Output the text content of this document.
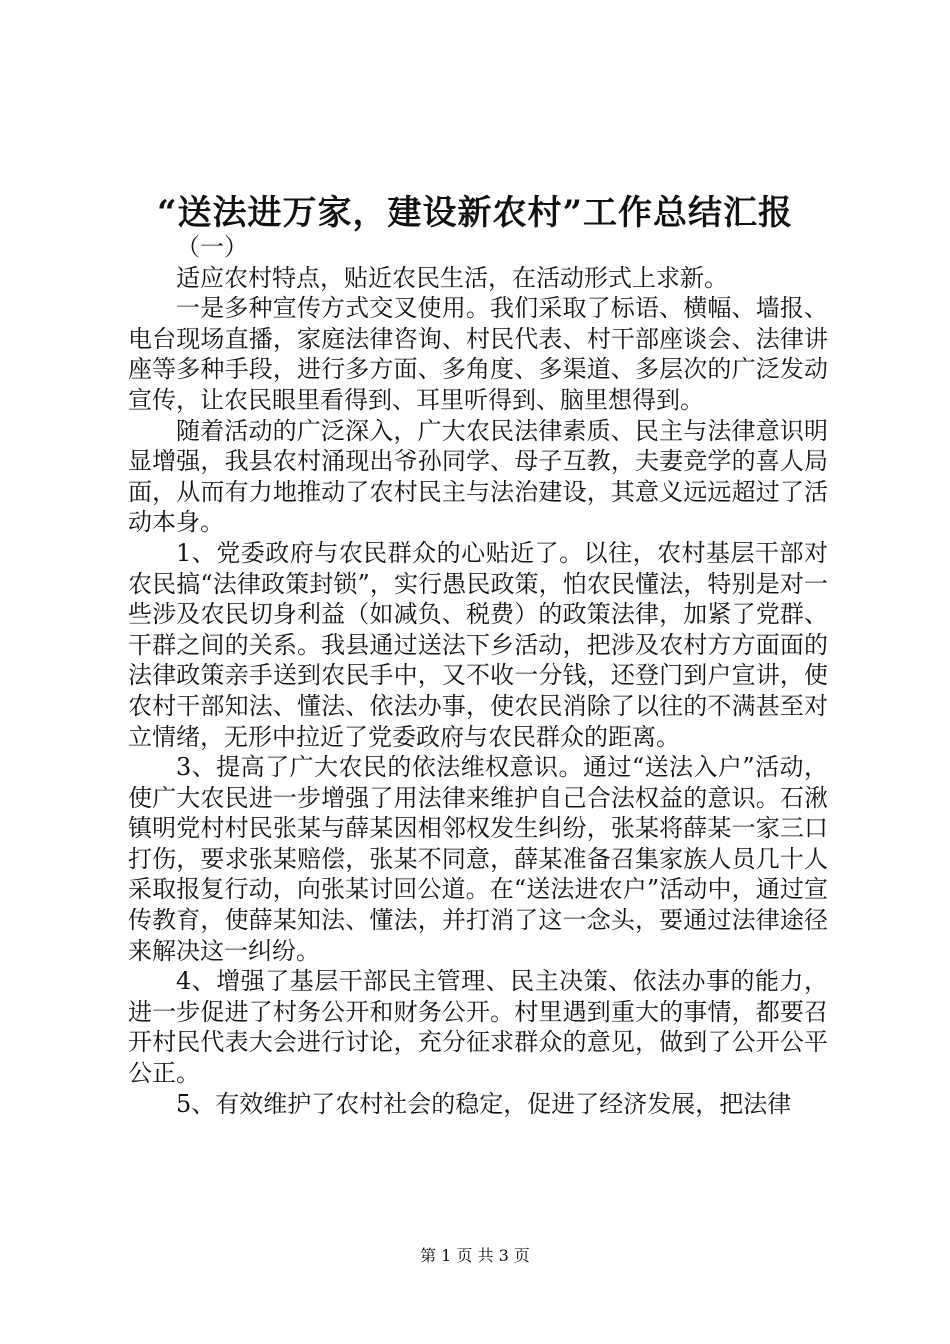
“送法进万家，建设新农村”工作总结汇报

（一）

适应农村特点，贴近农民生活，在活动形式上求新。

一是多种宣传方式交叉使用。我们采取了标语、横幅、墙报、电台现场直播，家庭法律咨询、村民代表、村干部座谈会、法律讲座等多种手段，进行多方面、多角度、多渠道、多层次的广泛发动宣传，让农民眼里看得到、耳里听得到、脑里想得到。

随着活动的广泛深入，广大农民法律素质、民主与法律意识明显增强，我县农村涌现出爷孙同学、母子互教，夫妻竞学的喜人局面，从而有力地推动了农村民主与法治建设，其意义远远超过了活动本身。

1、党委政府与农民群众的心贴近了。以往，农村基层干部对农民搞“法律政策封锁”，实行愚民政策，怕农民懂法，特别是对一些涉及农民切身利益（如减负、税费）的政策法律，加紧了党群、干群之间的关系。我县通过送法下乡活动，把涉及农村方方面面的法律政策亲手送到农民手中，又不收一分钱，还登门到户宣讲，使农村干部知法、懂法、依法办事，使农民消除了以往的不满甚至对立情绪，无形中拉近了党委政府与农民群众的距离。

3、提高了广大农民的依法维权意识。通过“送法入户”活动，使广大农民进一步增强了用法律来维护自己合法权益的意识。石湫镇明党村村民张某与薛某因相邻权发生纠纷，张某将薛某一家三口打伤，要求张某赔偿，张某不同意，薛某准备召集家族人员几十人采取报复行动，向张某讨回公道。在“送法进农户”活动中，通过宣传教育，使薛某知法、懂法，并打消了这一念头，要通过法律途径来解决这一纠纷。

4、增强了基层干部民主管理、民主决策、依法办事的能力，进一步促进了村务公开和财务公开。村里遇到重大的事情，都要召开村民代表大会进行讨论，充分征求群众的意见，做到了公开公平公正。

5、有效维护了农村社会的稳定，促进了经济发展，把法律

第 1 页 共 3 页
